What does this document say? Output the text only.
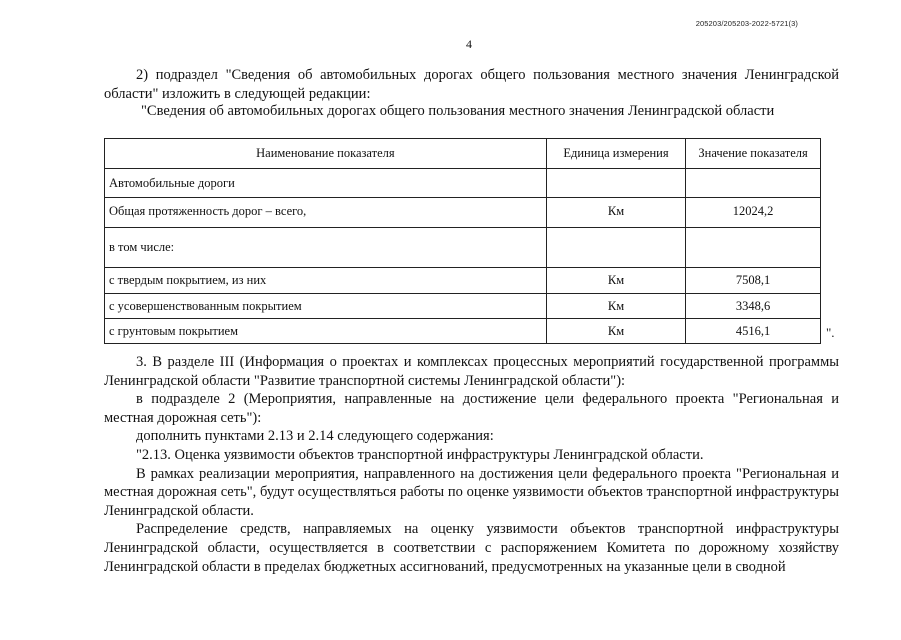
205203/205203-2022-5721(3)
4

2) подраздел "Сведения об автомобильных дорогах общего пользования местного значения Ленинградской области" изложить в следующей редакции:

"Сведения об автомобильных дорогах общего пользования местного значения Ленинградской области

Наименование показателя	Единица измерения	Значение показателя
Автомобильные дороги		
Общая протяженность дорог – всего,	Км	12024,2
в том числе:		
с твердым покрытием, из них	Км	7508,1
с усовершенствованным покрытием	Км	3348,6
с грунтовым покрытием	Км	4516,1	".

3. В разделе III (Информация о проектах и комплексах процессных мероприятий государственной программы Ленинградской области "Развитие транспортной системы Ленинградской области"):

в подразделе 2 (Мероприятия, направленные на достижение цели федерального проекта "Региональная и местная дорожная сеть"):

дополнить пунктами 2.13 и 2.14 следующего содержания:

"2.13. Оценка уязвимости объектов транспортной инфраструктуры Ленинградской области.

В рамках реализации мероприятия, направленного на достижения цели федерального проекта "Региональная и местная дорожная сеть", будут осуществляться работы по оценке уязвимости объектов транспортной инфраструктуры Ленинградской области.

Распределение средств, направляемых на оценку уязвимости объектов транспортной инфраструктуры Ленинградской области, осуществляется в соответствии с распоряжением Комитета по дорожному хозяйству Ленинградской области в пределах бюджетных ассигнований, предусмотренных на указанные цели в сводной
